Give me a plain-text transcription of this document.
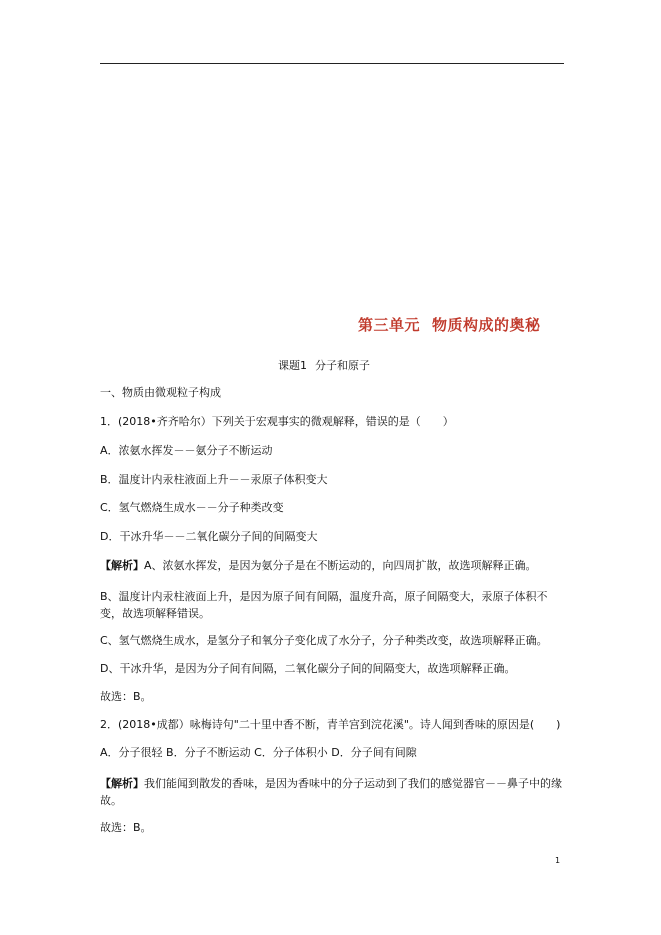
第三单元 物质构成的奥秘
课题1 分子和原子
一、物质由微观粒子构成
1．(2018•齐齐哈尔）下列关于宏观事实的微观解释，错误的是（　　）
A．浓氨水挥发－－氨分子不断运动
B．温度计内汞柱液面上升－－汞原子体积变大
C．氢气燃烧生成水－－分子种类改变
D．干冰升华－－二氧化碳分子间的间隔变大
【解析】A、浓氨水挥发，是因为氨分子是在不断运动的，向四周扩散，故选项解释正确。
B、温度计内汞柱液面上升，是因为原子间有间隔，温度升高，原子间隔变大，汞原子体积不变，故选项解释错误。
C、氢气燃烧生成水，是氢分子和氧分子变化成了水分子，分子种类改变，故选项解释正确。
D、干冰升华，是因为分子间有间隔，二氧化碳分子间的间隔变大，故选项解释正确。
故选：B。
2．(2018•成都）咏梅诗句"二十里中香不断，青羊宫到浣花溪"。诗人闻到香味的原因是(　　)
A．分子很轻 B．分子不断运动 C．分子体积小 D．分子间有间隙
【解析】我们能闻到散发的香味，是因为香味中的分子运动到了我们的感觉器官－－鼻子中的缘故。
故选：B。
1
